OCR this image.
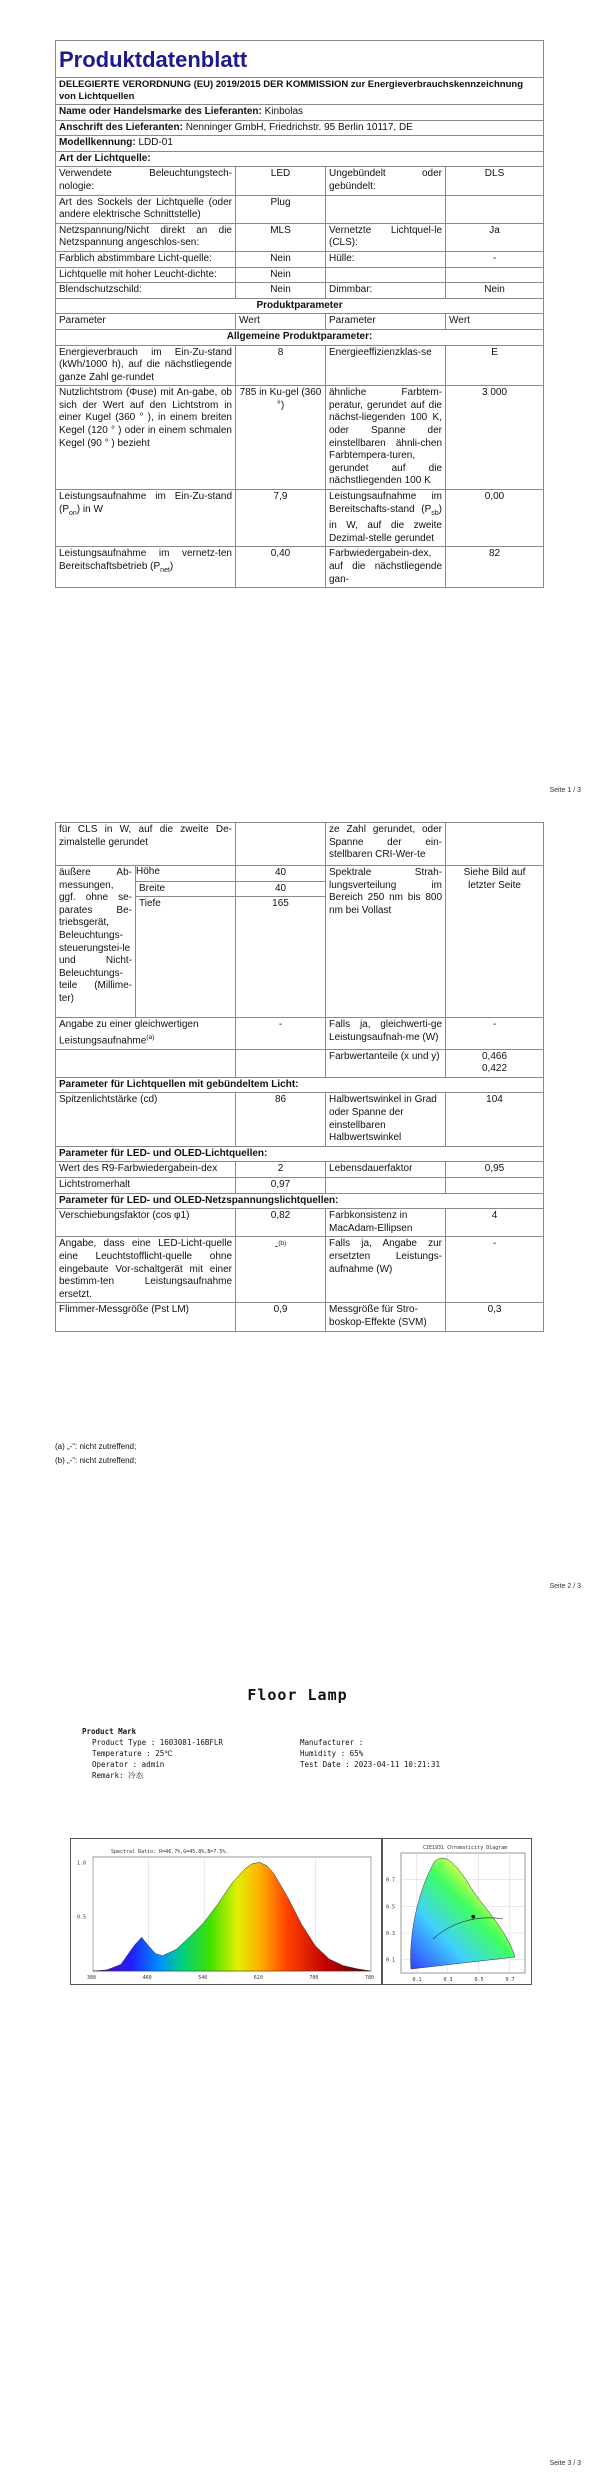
Produktdatenblatt			
DELEGIERTE VERORDNUNG (EU) 2019/2015 DER KOMMISSION zur Energieverbrauchskennzeichnung von Lichtquellen			
Name oder Handelsmarke des Lieferanten: Kinbolas			
Anschrift des Lieferanten: Nenninger GmbH, Friedrichstr. 95 Berlin 10117, DE			
Modellkennung: LDD-01			
Art der Lichtquelle:			
Verwendete Beleuchtungstech-nologie:	LED	Ungebündelt oder gebündelt:	DLS
Art des Sockels der Lichtquelle (oder andere elektrische Schnittstelle)	Plug		
Netzspannung/Nicht direkt an die Netzspannung angeschlos-sen:	MLS	Vernetzte Lichtquel-le (CLS):	Ja
Farblich abstimmbare Licht-quelle:	Nein	Hülle:	-
Lichtquelle mit hoher Leucht-dichte:	Nein		
Blendschutzschild:	Nein	Dimmbar:	Nein
Produktparameter			
Parameter	Wert	Parameter	Wert
Allgemeine Produktparameter:			
Energieverbrauch im Ein-Zu-stand (kWh/1000 h), auf die nächstliegende ganze Zahl ge-rundet	8	Energieeffizienzklas-se	E
Nutzlichtstrom (Φuse) mit An-gabe, ob sich der Wert auf den Lichtstrom in einer Kugel (360 ° ), in einem breiten Kegel (120 ° ) oder in einem schmalen Kegel (90 ° ) bezieht	785 in Ku-gel (360 °)	ähnliche Farbtem-peratur, gerundet auf die nächst-liegenden 100 K, oder Spanne der einstellbaren ähnli-chen Farbtempera-turen, gerundet auf die nächstliegenden 100 K	3 000
Leistungsaufnahme im Ein-Zu-stand $(P_{on})$ in W	7,9	Leistungsaufnahme im Bereitschafts-stand $(P_{sb})$ in W, auf die zweite Dezimal-stelle gerundet	0,00
Leistungsaufnahme im vernetz-ten Bereitschaftsbetrieb $(P_{net})$	0,40	Farbwiedergabein-dex, auf die nächstliegende gan-	82
Seite 1 / 3
für CLS in W, auf die zweite De-zimalstelle gerundet			ze Zahl gerundet, oder Spanne der ein-stellbaren CRI-Wer-te	
äußere Ab-messungen, ggf. ohne se-parates Be-triebsgerät, Beleuchtungs-steuerungstei-le und Nicht-Beleuchtungs-teile (Millime-ter)	Höhe	40	Spektrale Strah-lungsverteilung im Bereich 250 nm bis 800 nm bei Vollast	Siehe Bild auf letzter Seite
	Breite	40		
	Tiefe	165		
Angabe zu einer gleichwertigen Leistungsaufnahme$^{(a)}$		-	Falls ja, gleichwerti-ge Leistungsaufnah-me (W)	-
			Farbwertanteile (x und y)	0,466
0,422

Parameter für Lichtquellen mit gebündeltem Licht:				
Spitzenlichtstärke (cd)		86	Halbwertswinkel in Grad oder Spanne der einstellbaren Halbwertswinkel	104
Parameter für LED- und OLED-Lichtquellen:				
Wert des R9-Farbwiedergabein-dex		2	Lebensdauerfaktor	0,95
Lichtstromerhalt		0,97		
Parameter für LED- und OLED-Netzspannungslichtquellen:				
Verschiebungsfaktor (cos φ1)		0,82	Farbkonsistenz in MacAdam-Ellipsen	4
Angabe, dass eine LED-Licht-quelle eine Leuchtstofflicht-quelle ohne eingebaute Vor-schaltgerät mit einer bestimm-ten Leistungsaufnahme ersetzt.		-$^{(b)}$	Falls ja, Angabe zur ersetzten Leistungs-aufnahme (W)	-
Flimmer-Messgröße (Pst LM)		0,9	Messgröße für Stro-boskop-Effekte (SVM)	0,3
(a) „-“: nicht zutreffend;
(b) „-“: nicht zutreffend;
Seite 2 / 3
Floor Lamp
Product Mark
Product Type : 1603081-16BFLR
Temperature : 25℃
Operator : admin
Remark: 冷态
Manufacturer :
Humidity : 65%
Test Date : 2023-04-11 10:21:31
380	460	540	620	700	780
0.5
1.0
Spectral Ratio: R=46.7%,G=45.8%,B=7.5%.
0.1	0.3	0.5	0.7
0.1
0.3
0.5
0.7
CIE1931 Chromaticity Diagram
Seite 3 / 3
